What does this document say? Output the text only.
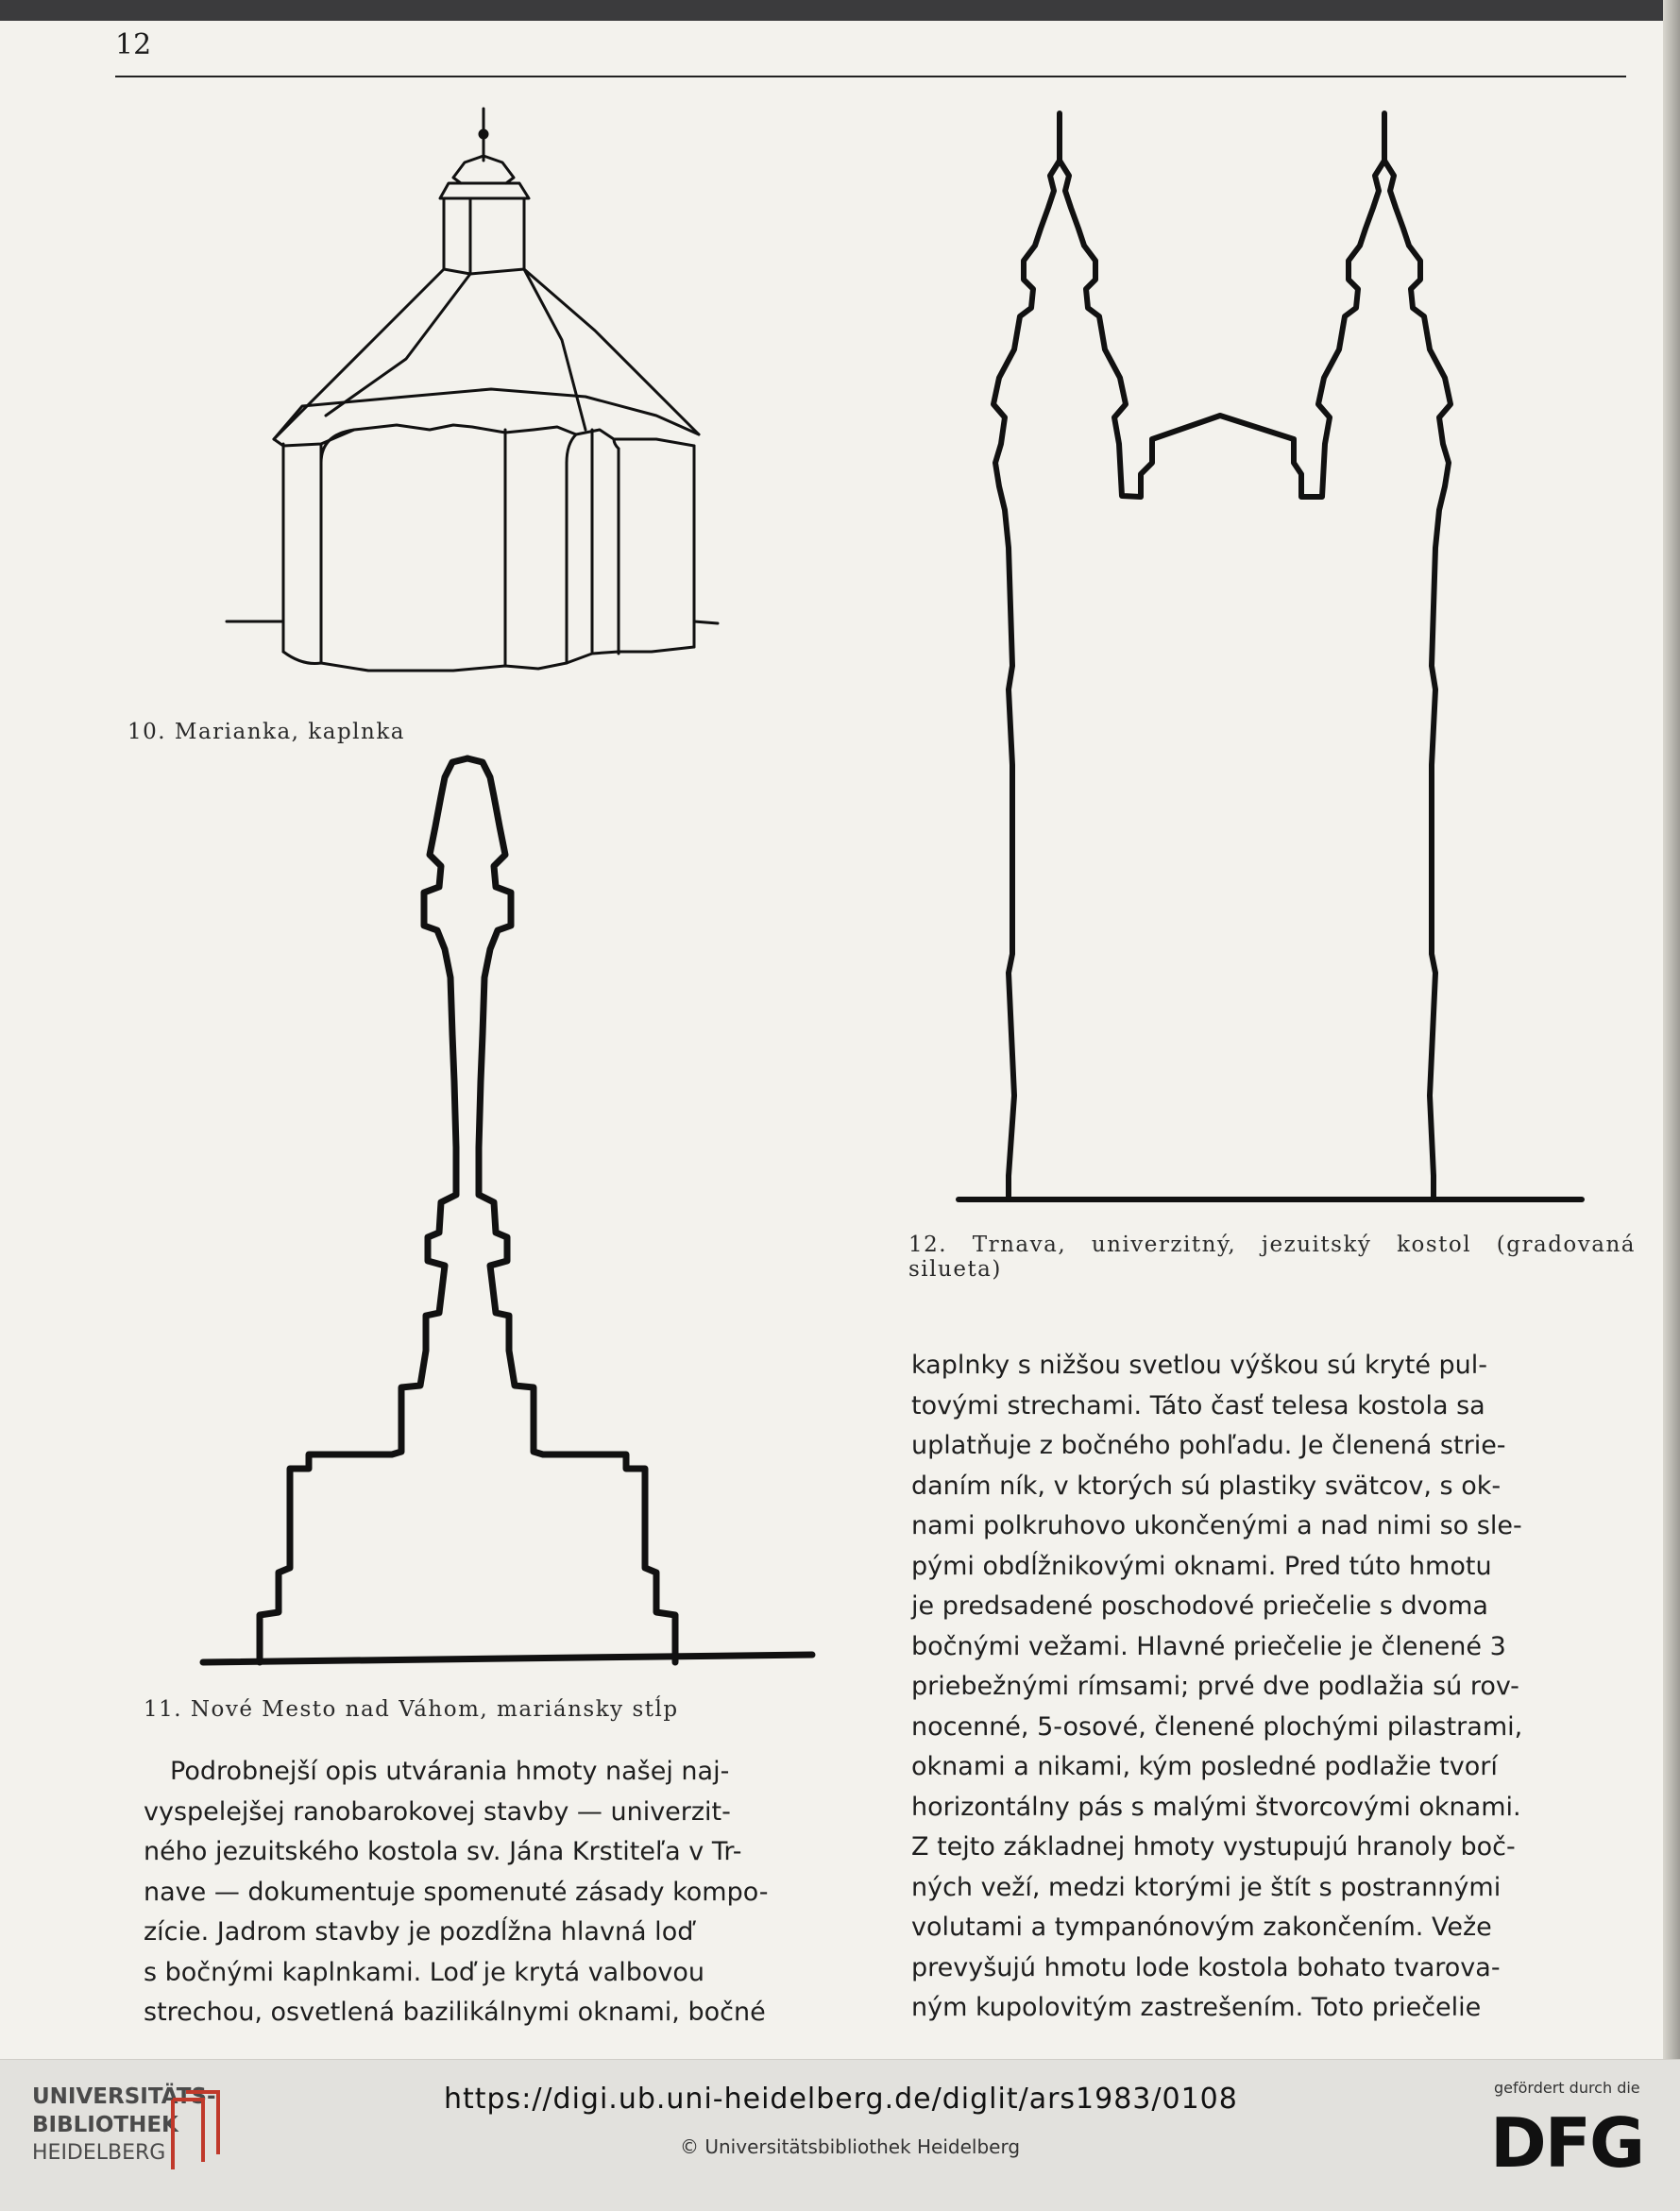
12
10. Marianka, kaplnka
11. Nové Mesto nad Váhom, mariánsky stĺp
12. Trnava, univerzitný, jezuitský kostol (gradovaná
silueta)
Podrobnejší opis utvárania hmoty našej naj-
vyspelejšej ranobarokovej stavby — univerzit-
ného jezuitského kostola sv. Jána Krstiteľa v Tr-
nave — dokumentuje spomenuté zásady kompo-
zície. Jadrom stavby je pozdĺžna hlavná loď
s bočnými kaplnkami. Loď je krytá valbovou
strechou, osvetlená bazilikálnymi oknami, bočné
kaplnky s nižšou svetlou výškou sú kryté pul-
tovými strechami. Táto časť telesa kostola sa
uplatňuje z bočného pohľadu. Je členená strie-
daním ník, v ktorých sú plastiky svätcov, s ok-
nami polkruhovo ukončenými a nad nimi so sle-
pými obdĺžnikovými oknami. Pred túto hmotu
je predsadené poschodové priečelie s dvoma
bočnými vežami. Hlavné priečelie je členené 3
priebežnými rímsami; prvé dve podlažia sú rov-
nocenné, 5-osové, členené plochými pilastrami,
oknami a nikami, kým posledné podlažie tvorí
horizontálny pás s malými štvorcovými oknami.
Z tejto základnej hmoty vystupujú hranoly boč-
ných veží, medzi ktorými je štít s postrannými
volutami a tympanónovým zakončením. Veže
prevyšujú hmotu lode kostola bohato tvarova-
ným kupolovitým zastrešením. Toto priečelie
UNIVERSITÄTS-
BIBLIOTHEK
HEIDELBERG
https://digi.ub.uni-heidelberg.de/diglit/ars1983/0108
© Universitätsbibliothek Heidelberg
gefördert durch die
DFG
